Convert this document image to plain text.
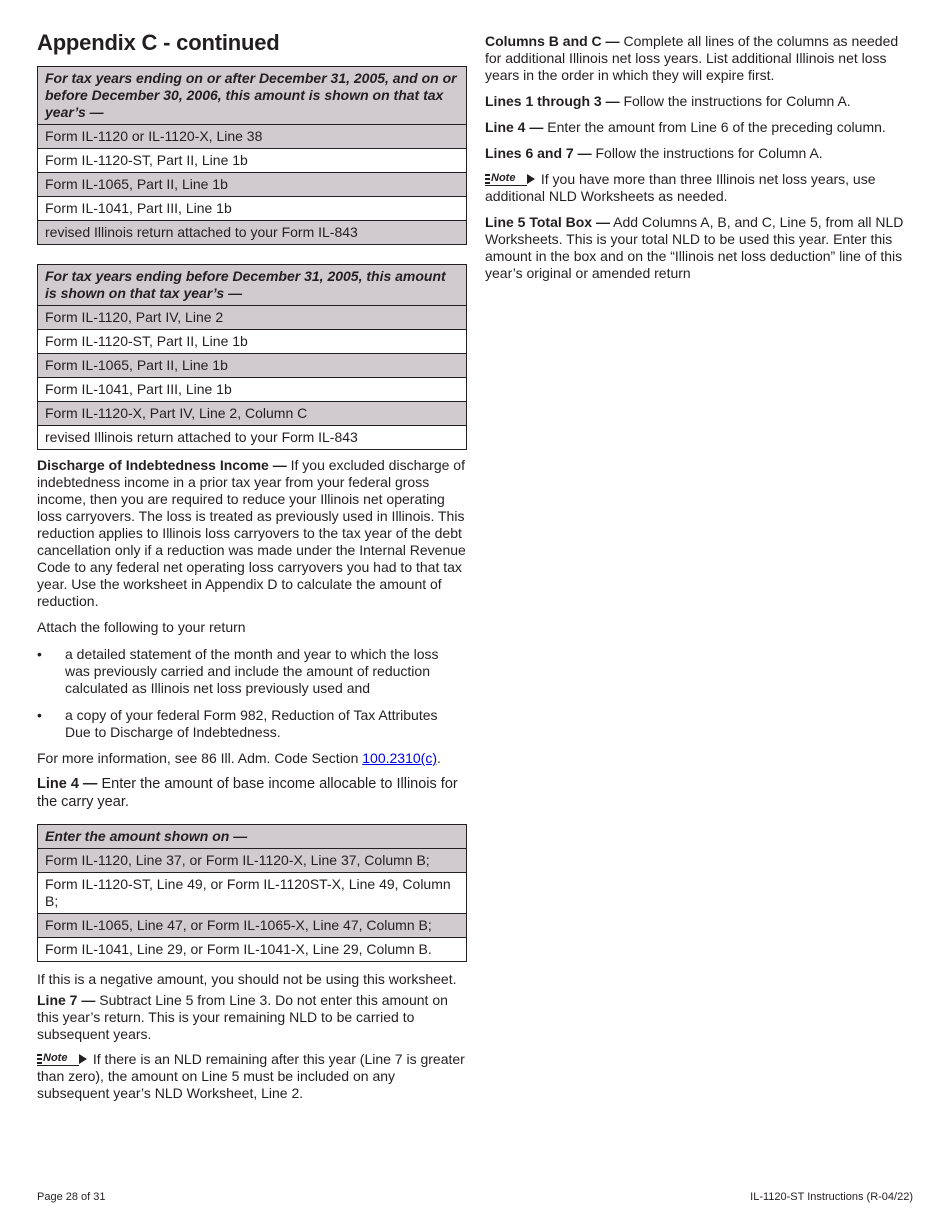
Appendix C - continued
For tax years ending on or after December 31, 2005, and on or before December 30, 2006, this amount is shown on that tax year’s —
Form IL-1120 or IL-1120-X, Line 38
Form IL-1120-ST, Part II, Line 1b
Form IL-1065, Part II, Line 1b
Form IL-1041, Part III, Line 1b
revised Illinois return attached to your Form IL-843
For tax years ending before December 31, 2005, this amount is shown on that tax year’s —
Form IL-1120, Part IV, Line 2
Form IL-1120-ST, Part II, Line 1b
Form IL-1065, Part II, Line 1b
Form IL-1041, Part III, Line 1b
Form IL-1120-X, Part IV, Line 2, Column C
revised Illinois return attached to your Form IL-843

Discharge of Indebtedness Income — If you excluded discharge of indebtedness income in a prior tax year from your federal gross income, then you are required to reduce your Illinois net operating loss carryovers. The loss is treated as previously used in Illinois. This reduction applies to Illinois loss carryovers to the tax year of the debt cancellation only if a reduction was made under the Internal Revenue Code to any federal net operating loss carryovers you had to that tax year. Use the worksheet in Appendix D to calculate the amount of reduction.

Attach the following to your return

• a detailed statement of the month and year to which the loss was previously carried and include the amount of reduction calculated as Illinois net loss previously used and
• a copy of your federal Form 982, Reduction of Tax Attributes Due to Discharge of Indebtedness.

For more information, see 86 Ill. Adm. Code Section 100.2310(c).

Line 4 — Enter the amount of base income allocable to Illinois for the carry year.

Enter the amount shown on —
Form IL-1120, Line 37, or Form IL-1120-X, Line 37, Column B;
Form IL-1120-ST, Line 49, or Form IL-1120ST-X, Line 49, Column B;
Form IL-1065, Line 47, or Form IL-1065-X, Line 47, Column B;
Form IL-1041, Line 29, or Form IL-1041-X, Line 29, Column B.

If this is a negative amount, you should not be using this worksheet.

Line 7 — Subtract Line 5 from Line 3. Do not enter this amount on this year’s return. This is your remaining NLD to be carried to subsequent years.

Note If there is an NLD remaining after this year (Line 7 is greater than zero), the amount on Line 5 must be included on any subsequent year’s NLD Worksheet, Line 2.

Columns B and C — Complete all lines of the columns as needed for additional Illinois net loss years. List additional Illinois net loss years in the order in which they will expire first.

Lines 1 through 3 — Follow the instructions for Column A.

Line 4 — Enter the amount from Line 6 of the preceding column.

Lines 6 and 7 — Follow the instructions for Column A.

Note If you have more than three Illinois net loss years, use additional NLD Worksheets as needed.

Line 5 Total Box — Add Columns A, B, and C, Line 5, from all NLD Worksheets. This is your total NLD to be used this year. Enter this amount in the box and on the “Illinois net loss deduction” line of this year’s original or amended return

Page 28 of 31	IL-1120-ST Instructions (R-04/22)
